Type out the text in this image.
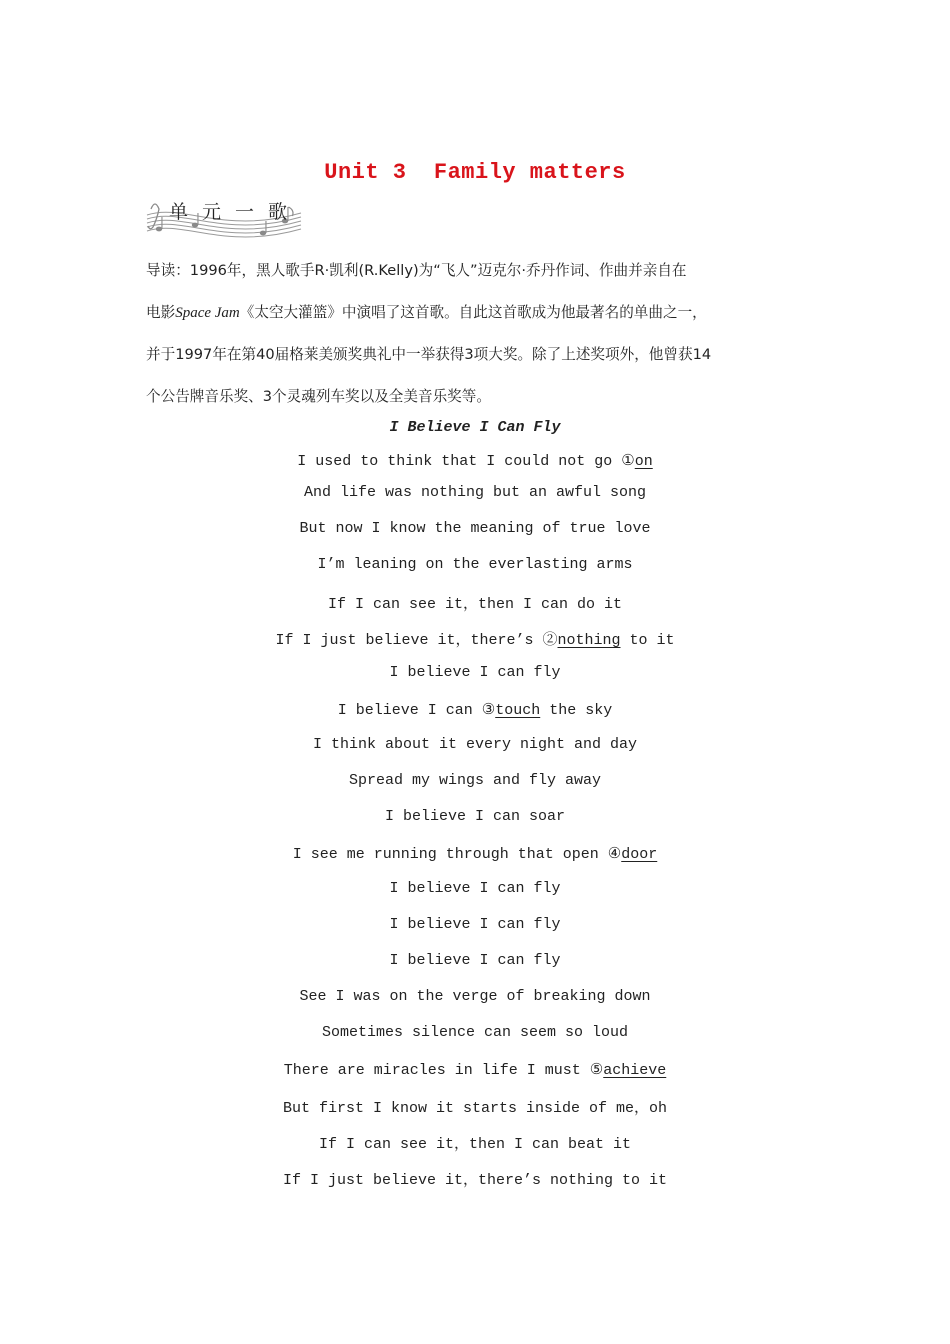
Unit 3  Family matters
单元一歌
导读：1996年，黑人歌手R·凯利(R.Kelly)为“飞人”迈克尔·乔丹作词、作曲并亲自在
电影Space Jam《太空大灌篮》中演唱了这首歌。自此这首歌成为他最著名的单曲之一，
并于1997年在第40届格莱美颁奖典礼中一举获得3项大奖。除了上述奖项外，他曾获14
个公告牌音乐奖、3个灵魂列车奖以及全美音乐奖等。
I Believe I Can Fly
I used to think that I could not go ①on
And life was nothing but an awful song
But now I know the meaning of true love
I’m leaning on the everlasting arms
If I can see it，then I can do it
If I just believe it，there’s ②nothing to it
I believe I can fly
I believe I can ③touch the sky
I think about it every night and day
Spread my wings and fly away
I believe I can soar
I see me running through that open ④door
I believe I can fly
I believe I can fly
I believe I can fly
See I was on the verge of breaking down
Sometimes silence can seem so loud
There are miracles in life I must ⑤achieve
But first I know it starts inside of me，oh
If I can see it，then I can beat it
If I just believe it，there’s nothing to it
